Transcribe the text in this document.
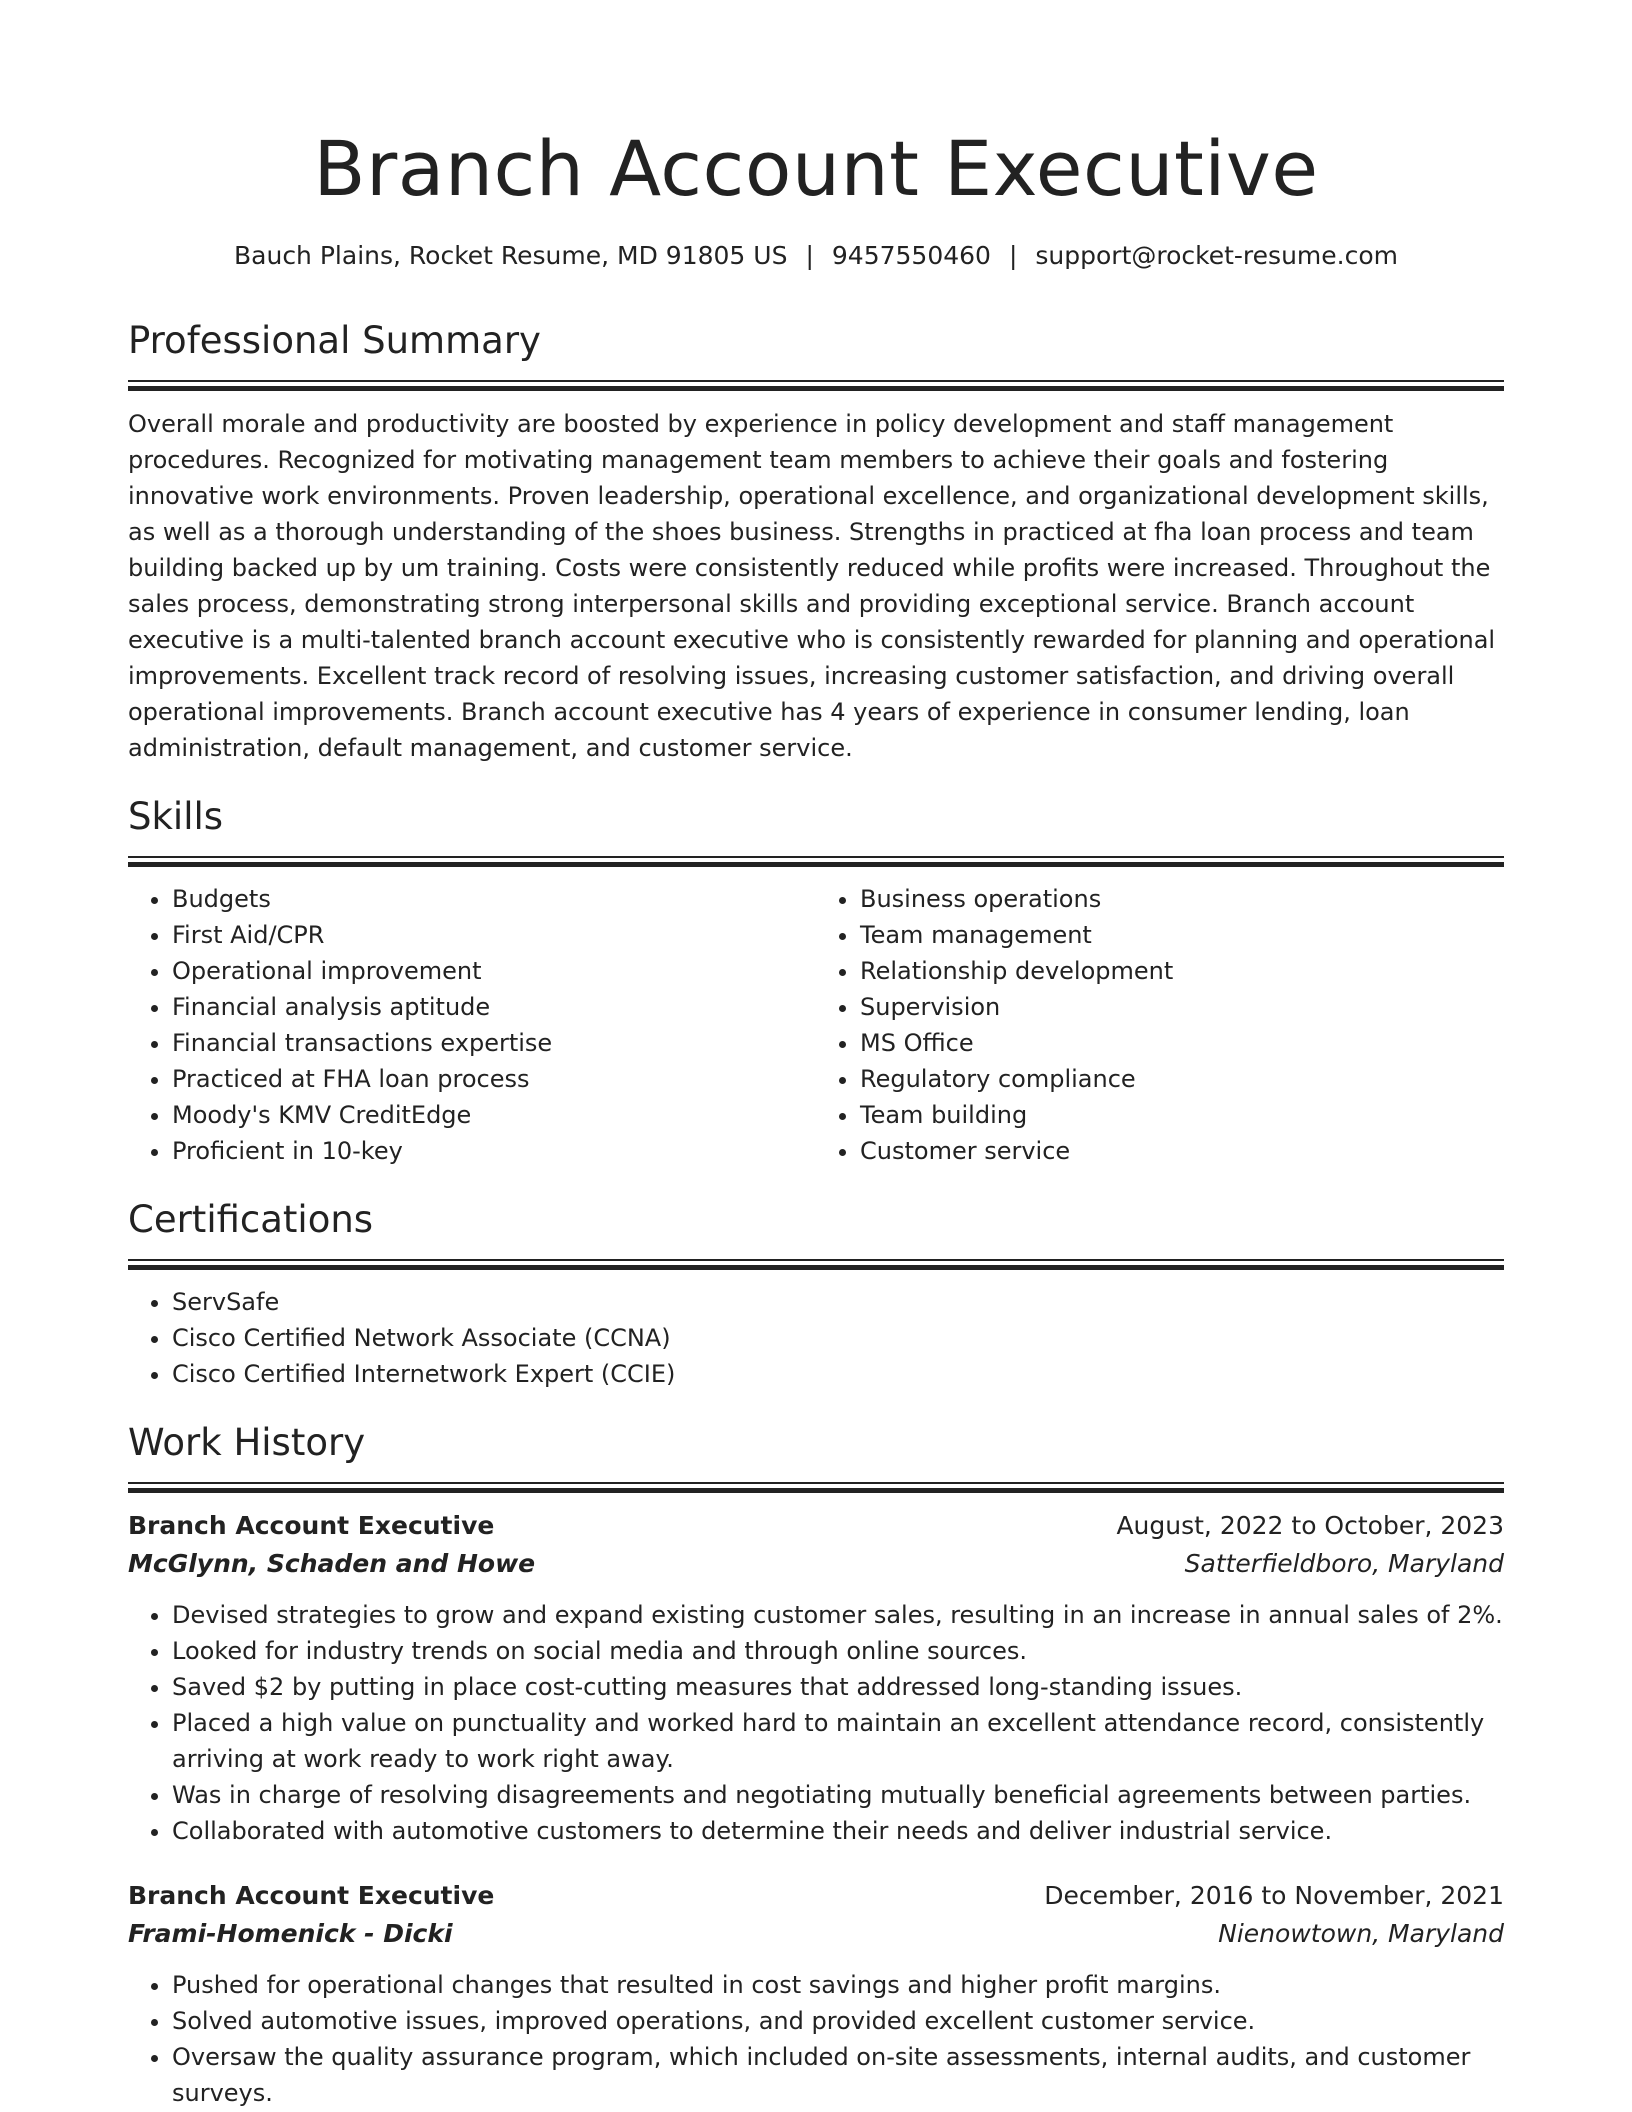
Branch Account Executive
Bauch Plains, Rocket Resume, MD 91805 US | 9457550460 | support@rocket-resume.com
Professional Summary

Overall morale and productivity are boosted by experience in policy development and staff management procedures. Recognized for motivating management team members to achieve their goals and fostering innovative work environments. Proven leadership, operational excellence, and organizational development skills, as well as a thorough understanding of the shoes business. Strengths in practiced at fha loan process and team building backed up by um training. Costs were consistently reduced while profits were increased. Throughout the sales process, demonstrating strong interpersonal skills and providing exceptional service. Branch account executive is a multi-talented branch account executive who is consistently rewarded for planning and operational improvements. Excellent track record of resolving issues, increasing customer satisfaction, and driving overall operational improvements. Branch account executive has 4 years of experience in consumer lending, loan administration, default management, and customer service.

Skills
• Budgets
• First Aid/CPR
• Operational improvement
• Financial analysis aptitude
• Financial transactions expertise
• Practiced at FHA loan process
• Moody's KMV CreditEdge
• Proficient in 10-key
• Business operations
• Team management
• Relationship development
• Supervision
• MS Office
• Regulatory compliance
• Team building
• Customer service
Certifications
• ServSafe
• Cisco Certified Network Associate (CCNA)
• Cisco Certified Internetwork Expert (CCIE)
Work History
Branch Account Executive	August, 2022 to October, 2023
McGlynn, Schaden and Howe	Satterfieldboro, Maryland
• Devised strategies to grow and expand existing customer sales, resulting in an increase in annual sales of 2%.
• Looked for industry trends on social media and through online sources.
• Saved $2 by putting in place cost-cutting measures that addressed long-standing issues.
• Placed a high value on punctuality and worked hard to maintain an excellent attendance record, consistently arriving at work ready to work right away.
• Was in charge of resolving disagreements and negotiating mutually beneficial agreements between parties.
• Collaborated with automotive customers to determine their needs and deliver industrial service.
Branch Account Executive	December, 2016 to November, 2021
Frami-Homenick - Dicki	Nienowtown, Maryland
• Pushed for operational changes that resulted in cost savings and higher profit margins.
• Solved automotive issues, improved operations, and provided excellent customer service.
• Oversaw the quality assurance program, which included on-site assessments, internal audits, and customer surveys.
